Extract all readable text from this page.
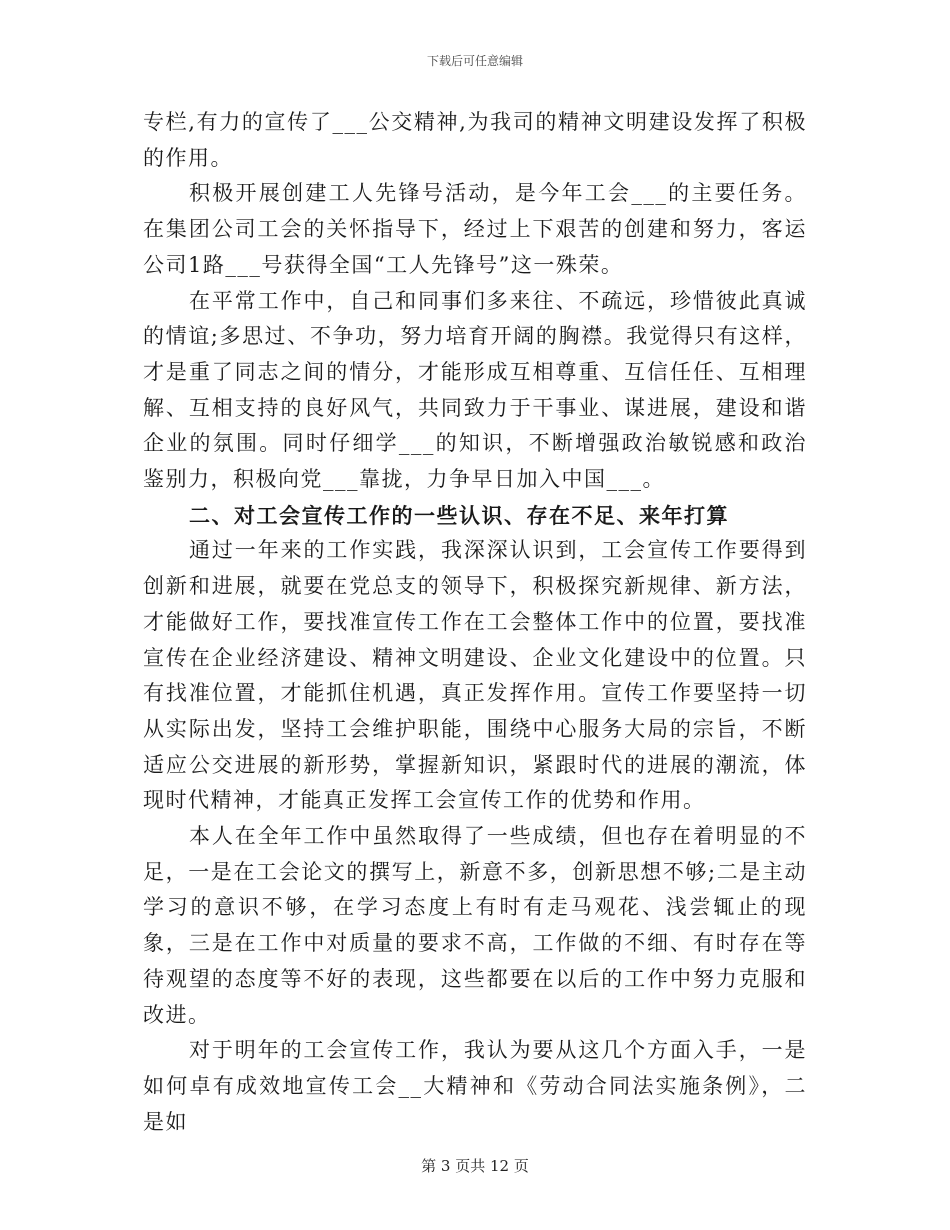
下载后可任意编辑

专栏,有力的宣传了___公交精神,为我司的精神文明建设发挥了积极的作用。

积极开展创建工人先锋号活动，是今年工会___的主要任务。在集团公司工会的关怀指导下，经过上下艰苦的创建和努力，客运公司1路___号获得全国“工人先锋号”这一殊荣。

在平常工作中，自己和同事们多来往、不疏远，珍惜彼此真诚的情谊;多思过、不争功，努力培育开阔的胸襟。我觉得只有这样，才是重了同志之间的情分，才能形成互相尊重、互信任任、互相理解、互相支持的良好风气，共同致力于干事业、谋进展，建设和谐企业的氛围。同时仔细学___的知识，不断增强政治敏锐感和政治鉴别力，积极向党___靠拢，力争早日加入中国___。

二、对工会宣传工作的一些认识、存在不足、来年打算

通过一年来的工作实践，我深深认识到，工会宣传工作要得到创新和进展，就要在党总支的领导下，积极探究新规律、新方法，才能做好工作，要找准宣传工作在工会整体工作中的位置，要找准宣传在企业经济建设、精神文明建设、企业文化建设中的位置。只有找准位置，才能抓住机遇，真正发挥作用。宣传工作要坚持一切从实际出发，坚持工会维护职能，围绕中心服务大局的宗旨，不断适应公交进展的新形势，掌握新知识，紧跟时代的进展的潮流，体现时代精神，才能真正发挥工会宣传工作的优势和作用。

本人在全年工作中虽然取得了一些成绩，但也存在着明显的不足，一是在工会论文的撰写上，新意不多，创新思想不够;二是主动学习的意识不够，在学习态度上有时有走马观花、浅尝辄止的现象，三是在工作中对质量的要求不高，工作做的不细、有时存在等待观望的态度等不好的表现，这些都要在以后的工作中努力克服和改进。

对于明年的工会宣传工作，我认为要从这几个方面入手，一是如何卓有成效地宣传工会__大精神和《劳动合同法实施条例》，二是如

第 3 页共 12 页
